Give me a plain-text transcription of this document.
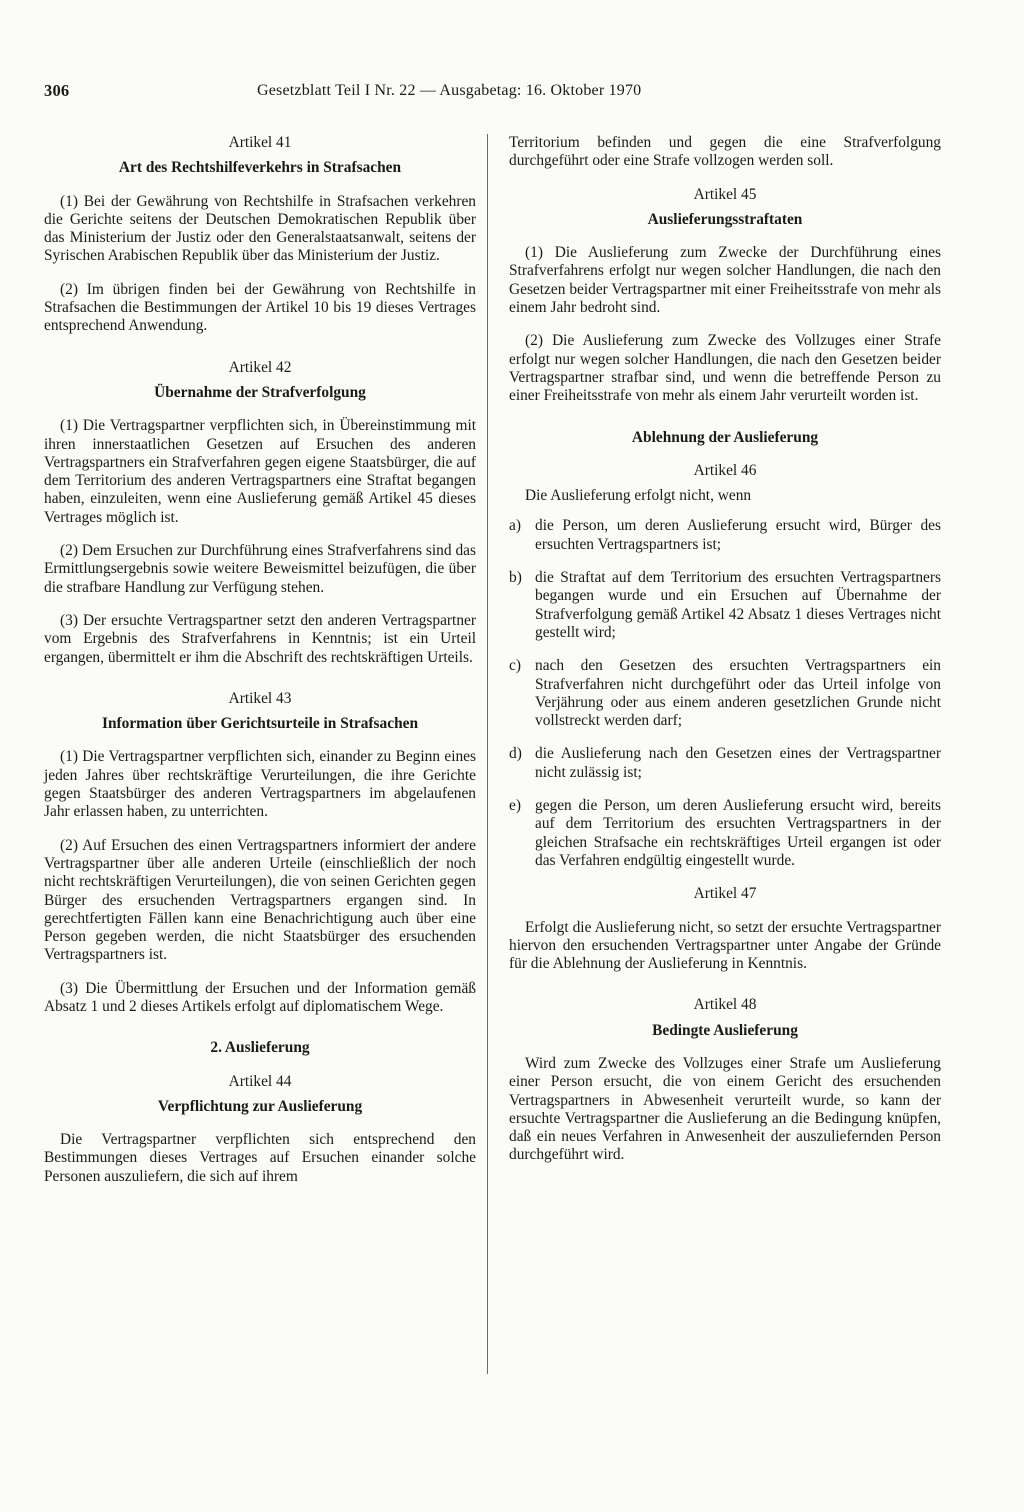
306	Gesetzblatt Teil I Nr. 22 — Ausgabetag: 16. Oktober 1970
Artikel 41
Art des Rechtshilfeverkehrs in Strafsachen

(1) Bei der Gewährung von Rechtshilfe in Strafsachen verkehren die Gerichte seitens der Deutschen Demokratischen Republik über das Ministerium der Justiz oder den Generalstaatsanwalt, seitens der Syrischen Arabischen Republik über das Ministerium der Justiz.

(2) Im übrigen finden bei der Gewährung von Rechtshilfe in Strafsachen die Bestimmungen der Artikel 10 bis 19 dieses Vertrages entsprechend Anwendung.

Artikel 42
Übernahme der Strafverfolgung

(1) Die Vertragspartner verpflichten sich, in Übereinstimmung mit ihren innerstaatlichen Gesetzen auf Ersuchen des anderen Vertragspartners ein Strafverfahren gegen eigene Staatsbürger, die auf dem Territorium des anderen Vertragspartners eine Straftat begangen haben, einzuleiten, wenn eine Auslieferung gemäß Artikel 45 dieses Vertrages möglich ist.

(2) Dem Ersuchen zur Durchführung eines Strafverfahrens sind das Ermittlungsergebnis sowie weitere Beweismittel beizufügen, die über die strafbare Handlung zur Verfügung stehen.

(3) Der ersuchte Vertragspartner setzt den anderen Vertragspartner vom Ergebnis des Strafverfahrens in Kenntnis; ist ein Urteil ergangen, übermittelt er ihm die Abschrift des rechtskräftigen Urteils.

Artikel 43
Information über Gerichtsurteile in Strafsachen

(1) Die Vertragspartner verpflichten sich, einander zu Beginn eines jeden Jahres über rechtskräftige Verurteilungen, die ihre Gerichte gegen Staatsbürger des anderen Vertragspartners im abgelaufenen Jahr erlassen haben, zu unterrichten.

(2) Auf Ersuchen des einen Vertragspartners informiert der andere Vertragspartner über alle anderen Urteile (einschließlich der noch nicht rechtskräftigen Verurteilungen), die von seinen Gerichten gegen Bürger des ersuchenden Vertragspartners ergangen sind. In gerechtfertigten Fällen kann eine Benachrichtigung auch über eine Person gegeben werden, die nicht Staatsbürger des ersuchenden Vertragspartners ist.

(3) Die Übermittlung der Ersuchen und der Information gemäß Absatz 1 und 2 dieses Artikels erfolgt auf diplomatischem Wege.

2. Auslieferung
Artikel 44
Verpflichtung zur Auslieferung

Die Vertragspartner verpflichten sich entsprechend den Bestimmungen dieses Vertrages auf Ersuchen einander solche Personen auszuliefern, die sich auf ihrem

Territorium befinden und gegen die eine Strafverfolgung durchgeführt oder eine Strafe vollzogen werden soll.

Artikel 45
Auslieferungsstraftaten

(1) Die Auslieferung zum Zwecke der Durchführung eines Strafverfahrens erfolgt nur wegen solcher Handlungen, die nach den Gesetzen beider Vertragspartner mit einer Freiheitsstrafe von mehr als einem Jahr bedroht sind.

(2) Die Auslieferung zum Zwecke des Vollzuges einer Strafe erfolgt nur wegen solcher Handlungen, die nach den Gesetzen beider Vertragspartner strafbar sind, und wenn die betreffende Person zu einer Freiheitsstrafe von mehr als einem Jahr verurteilt worden ist.

Ablehnung der Auslieferung
Artikel 46
Die Auslieferung erfolgt nicht, wenn
a) die Person, um deren Auslieferung ersucht wird, Bürger des ersuchten Vertragspartners ist;
b) die Straftat auf dem Territorium des ersuchten Vertragspartners begangen wurde und ein Ersuchen auf Übernahme der Strafverfolgung gemäß Artikel 42 Absatz 1 dieses Vertrages nicht gestellt wird;
c) nach den Gesetzen des ersuchten Vertragspartners ein Strafverfahren nicht durchgeführt oder das Urteil infolge von Verjährung oder aus einem anderen gesetzlichen Grunde nicht vollstreckt werden darf;
d) die Auslieferung nach den Gesetzen eines der Vertragspartner nicht zulässig ist;
e) gegen die Person, um deren Auslieferung ersucht wird, bereits auf dem Territorium des ersuchten Vertragspartners in der gleichen Strafsache ein rechtskräftiges Urteil ergangen ist oder das Verfahren endgültig eingestellt wurde.
Artikel 47

Erfolgt die Auslieferung nicht, so setzt der ersuchte Vertragspartner hiervon den ersuchenden Vertragspartner unter Angabe der Gründe für die Ablehnung der Auslieferung in Kenntnis.

Artikel 48
Bedingte Auslieferung

Wird zum Zwecke des Vollzuges einer Strafe um Auslieferung einer Person ersucht, die von einem Gericht des ersuchenden Vertragspartners in Abwesenheit verurteilt wurde, so kann der ersuchte Vertragspartner die Auslieferung an die Bedingung knüpfen, daß ein neues Verfahren in Anwesenheit der auszuliefernden Person durchgeführt wird.
